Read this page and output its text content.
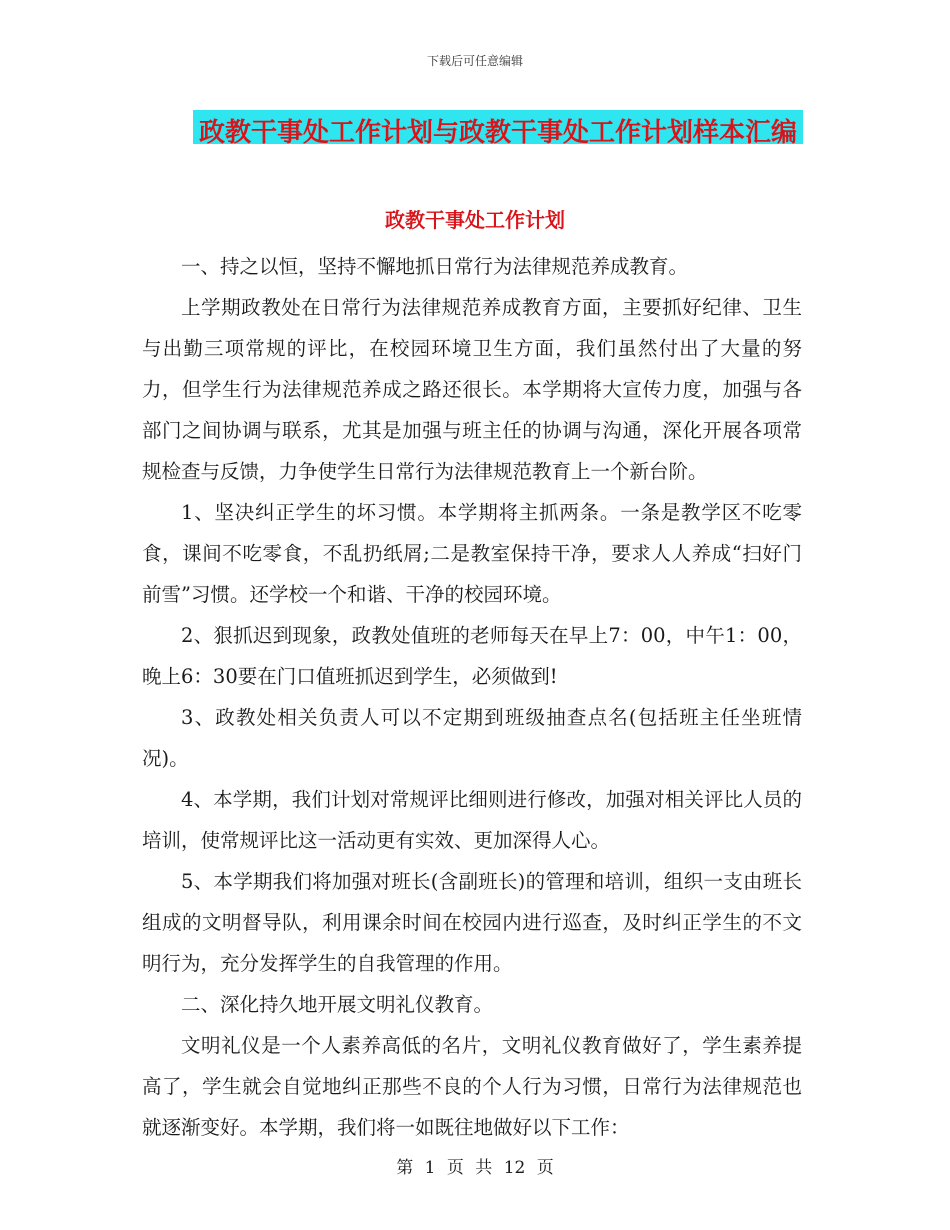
下载后可任意编辑
政教干事处工作计划与政教干事处工作计划样本汇编
政教干事处工作计划

一、持之以恒，坚持不懈地抓日常行为法律规范养成教育。

上学期政教处在日常行为法律规范养成教育方面，主要抓好纪律、卫生与出勤三项常规的评比，在校园环境卫生方面，我们虽然付出了大量的努力，但学生行为法律规范养成之路还很长。本学期将大宣传力度，加强与各部门之间协调与联系，尤其是加强与班主任的协调与沟通，深化开展各项常规检查与反馈，力争使学生日常行为法律规范教育上一个新台阶。

1、坚决纠正学生的坏习惯。本学期将主抓两条。一条是教学区不吃零食，课间不吃零食，不乱扔纸屑;二是教室保持干净，要求人人养成“扫好门前雪”习惯。还学校一个和谐、干净的校园环境。

2、狠抓迟到现象，政教处值班的老师每天在早上7：00，中午1：00，晚上6：30要在门口值班抓迟到学生，必须做到!

3、政教处相关负责人可以不定期到班级抽查点名(包括班主任坐班情况)。

4、本学期，我们计划对常规评比细则进行修改，加强对相关评比人员的培训，使常规评比这一活动更有实效、更加深得人心。

5、本学期我们将加强对班长(含副班长)的管理和培训，组织一支由班长组成的文明督导队，利用课余时间在校园内进行巡查，及时纠正学生的不文明行为，充分发挥学生的自我管理的作用。

二、深化持久地开展文明礼仪教育。

文明礼仪是一个人素养高低的名片，文明礼仪教育做好了，学生素养提高了，学生就会自觉地纠正那些不良的个人行为习惯，日常行为法律规范也就逐渐变好。本学期，我们将一如既往地做好以下工作：

第 1 页 共 12 页
